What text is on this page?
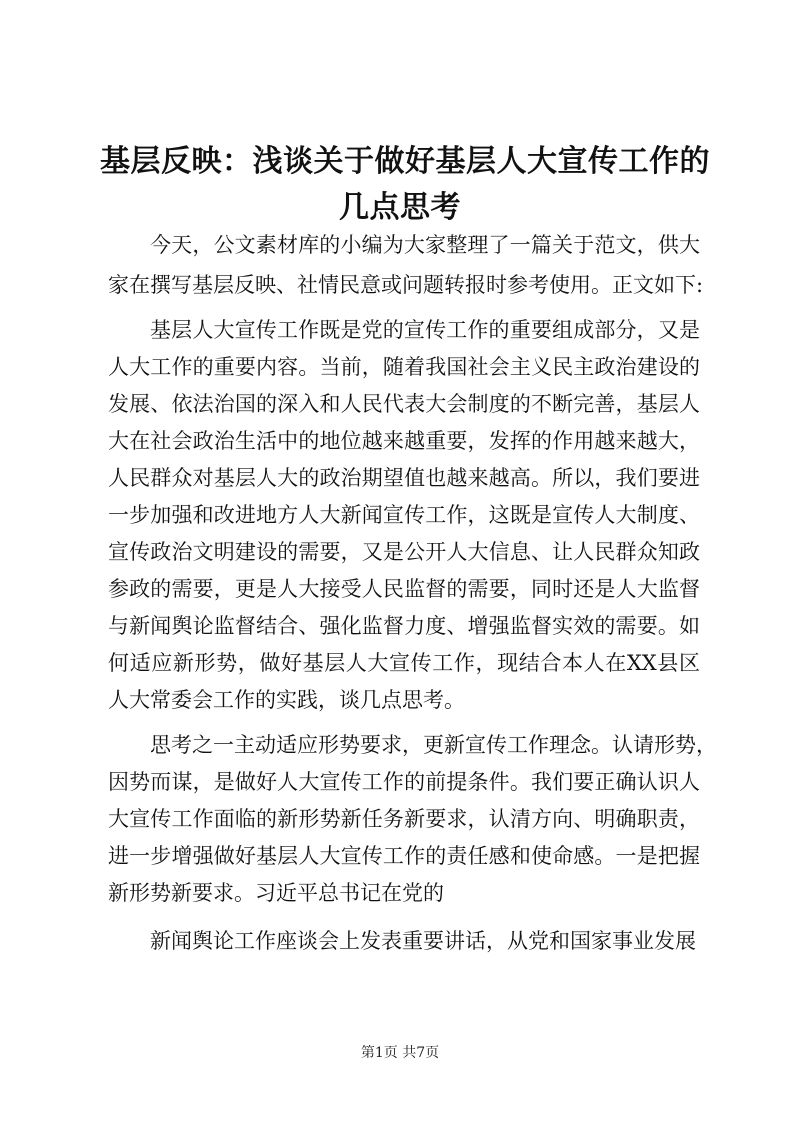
基层反映：浅谈关于做好基层人大宣传工作的
几点思考
今天，公文素材库的小编为大家整理了一篇关于范文，供大
家在撰写基层反映、社情民意或问题转报时参考使用。正文如下:
基层人大宣传工作既是党的宣传工作的重要组成部分，又是
人大工作的重要内容。当前，随着我国社会主义民主政治建设的
发展、依法治国的深入和人民代表大会制度的不断完善，基层人
大在社会政治生活中的地位越来越重要，发挥的作用越来越大，
人民群众对基层人大的政治期望值也越来越高。所以，我们要进
一步加强和改进地方人大新闻宣传工作，这既是宣传人大制度、
宣传政治文明建设的需要，又是公开人大信息、让人民群众知政
参政的需要，更是人大接受人民监督的需要，同时还是人大监督
与新闻舆论监督结合、强化监督力度、增强监督实效的需要。如
何适应新形势，做好基层人大宣传工作，现结合本人在XX县区
人大常委会工作的实践，谈几点思考。
思考之一主动适应形势要求，更新宣传工作理念。认请形势，
因势而谋，是做好人大宣传工作的前提条件。我们要正确认识人
大宣传工作面临的新形势新任务新要求，认清方向、明确职责，
进一步增强做好基层人大宣传工作的责任感和使命感。一是把握
新形势新要求。习近平总书记在党的
新闻舆论工作座谈会上发表重要讲话，从党和国家事业发展
第1页 共7页
